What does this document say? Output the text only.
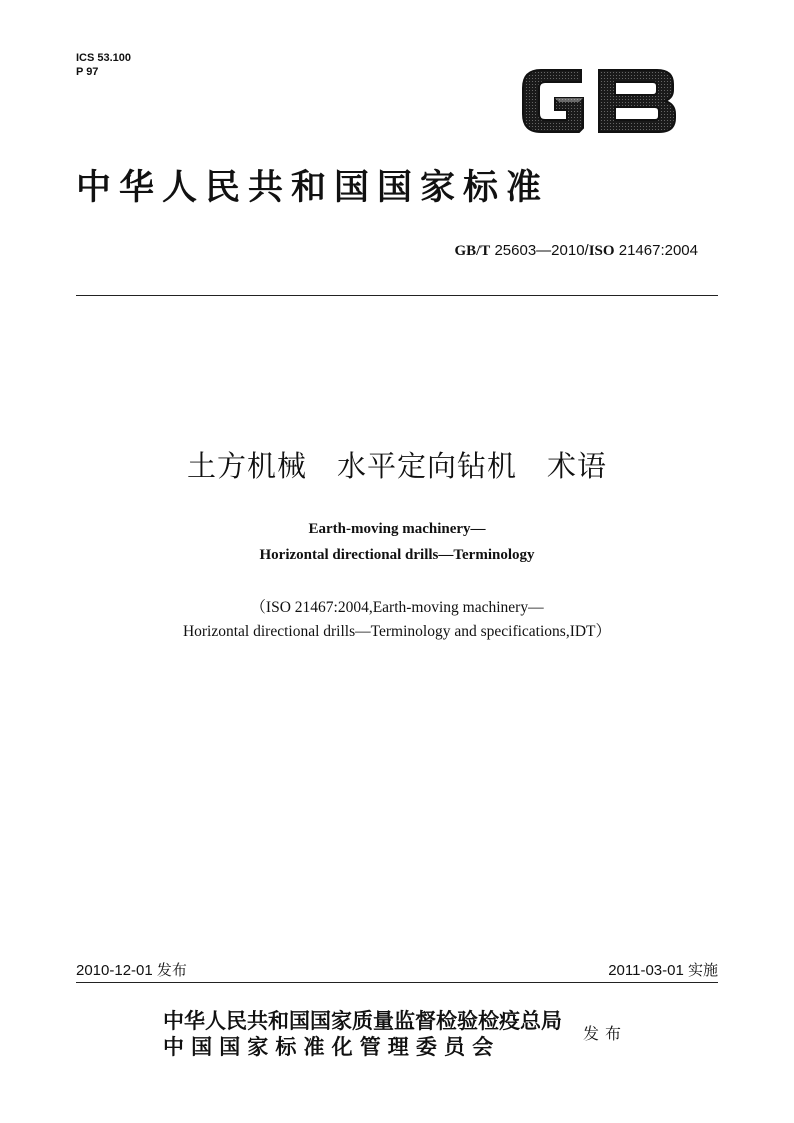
ICS 53.100
P 97
中华人民共和国国家标准
GB/T 25603—2010/ISO 21467:2004
土方机械　水平定向钻机　术语
Earth-moving machinery—
Horizontal directional drills—Terminology
（ISO 21467:2004,Earth-moving machinery—
Horizontal directional drills—Terminology and specifications,IDT）
2010-12-01 发布	2011-03-01 实施
中华人民共和国国家质量监督检验检疫总局
中国国家标准化管理委员会
发布
